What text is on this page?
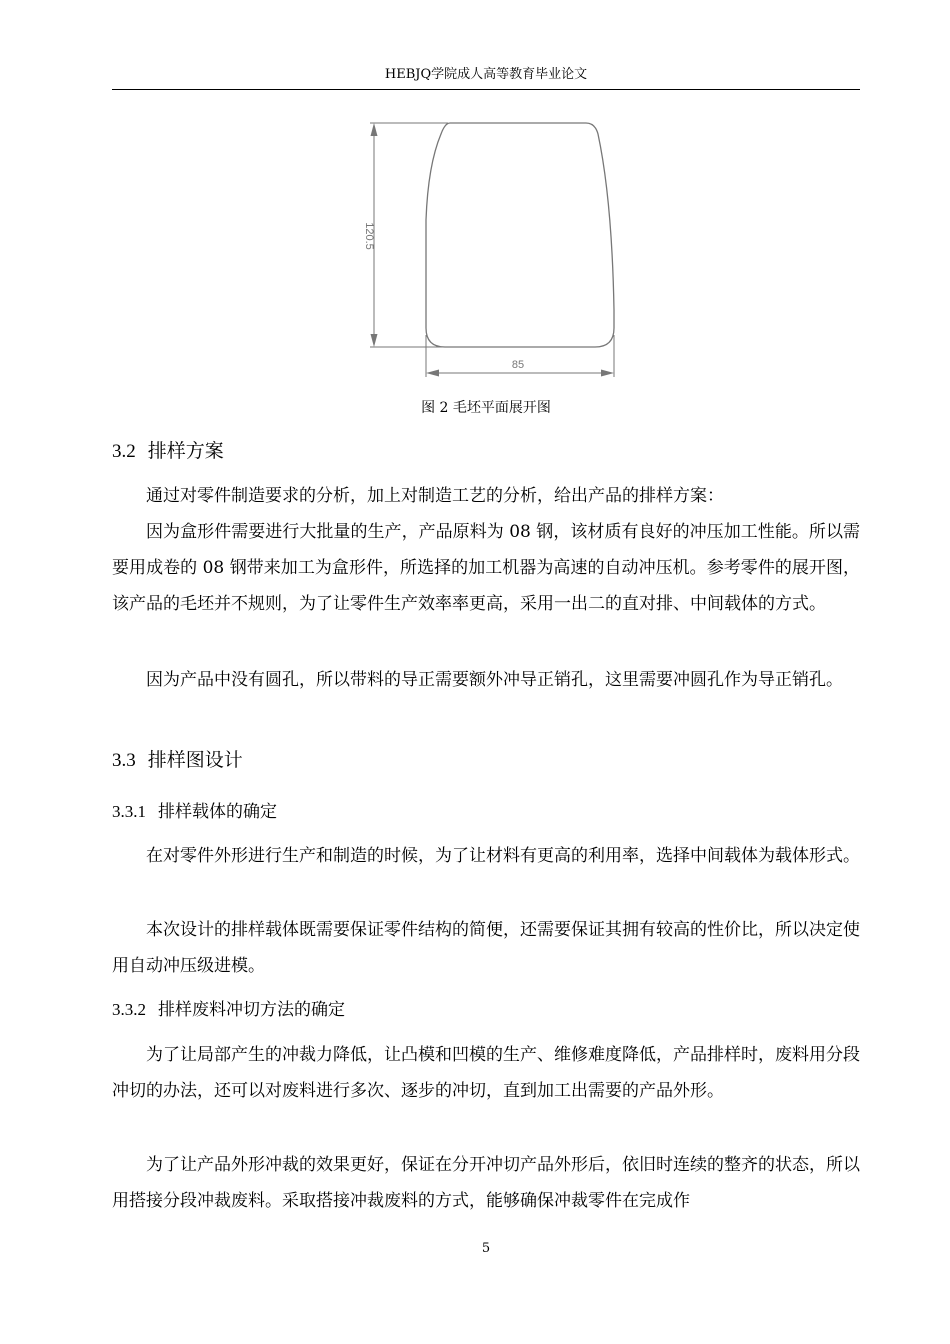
HEBJQ学院成人高等教育毕业论文
120.5
85
图 2 毛坯平面展开图
3.2 排样方案

通过对零件制造要求的分析，加上对制造工艺的分析，给出产品的排样方案：

因为盒形件需要进行大批量的生产，产品原料为 08 钢，该材质有良好的冲压加工性能。所以需要用成卷的 08 钢带来加工为盒形件，所选择的加工机器为高速的自动冲压机。参考零件的展开图，该产品的毛坯并不规则，为了让零件生产效率率更高，采用一出二的直对排、中间载体的方式。

因为产品中没有圆孔，所以带料的导正需要额外冲导正销孔，这里需要冲圆孔作为导正销孔。

3.3 排样图设计
3.3.1 排样载体的确定

在对零件外形进行生产和制造的时候，为了让材料有更高的利用率，选择中间载体为载体形式。

本次设计的排样载体既需要保证零件结构的简便，还需要保证其拥有较高的性价比，所以决定使用自动冲压级进模。

3.3.2 排样废料冲切方法的确定

为了让局部产生的冲裁力降低，让凸模和凹模的生产、维修难度降低，产品排样时，废料用分段冲切的办法，还可以对废料进行多次、逐步的冲切，直到加工出需要的产品外形。

为了让产品外形冲裁的效果更好，保证在分开冲切产品外形后，依旧时连续的整齐的状态，所以用搭接分段冲裁废料。采取搭接冲裁废料的方式，能够确保冲裁零件在完成作

5
